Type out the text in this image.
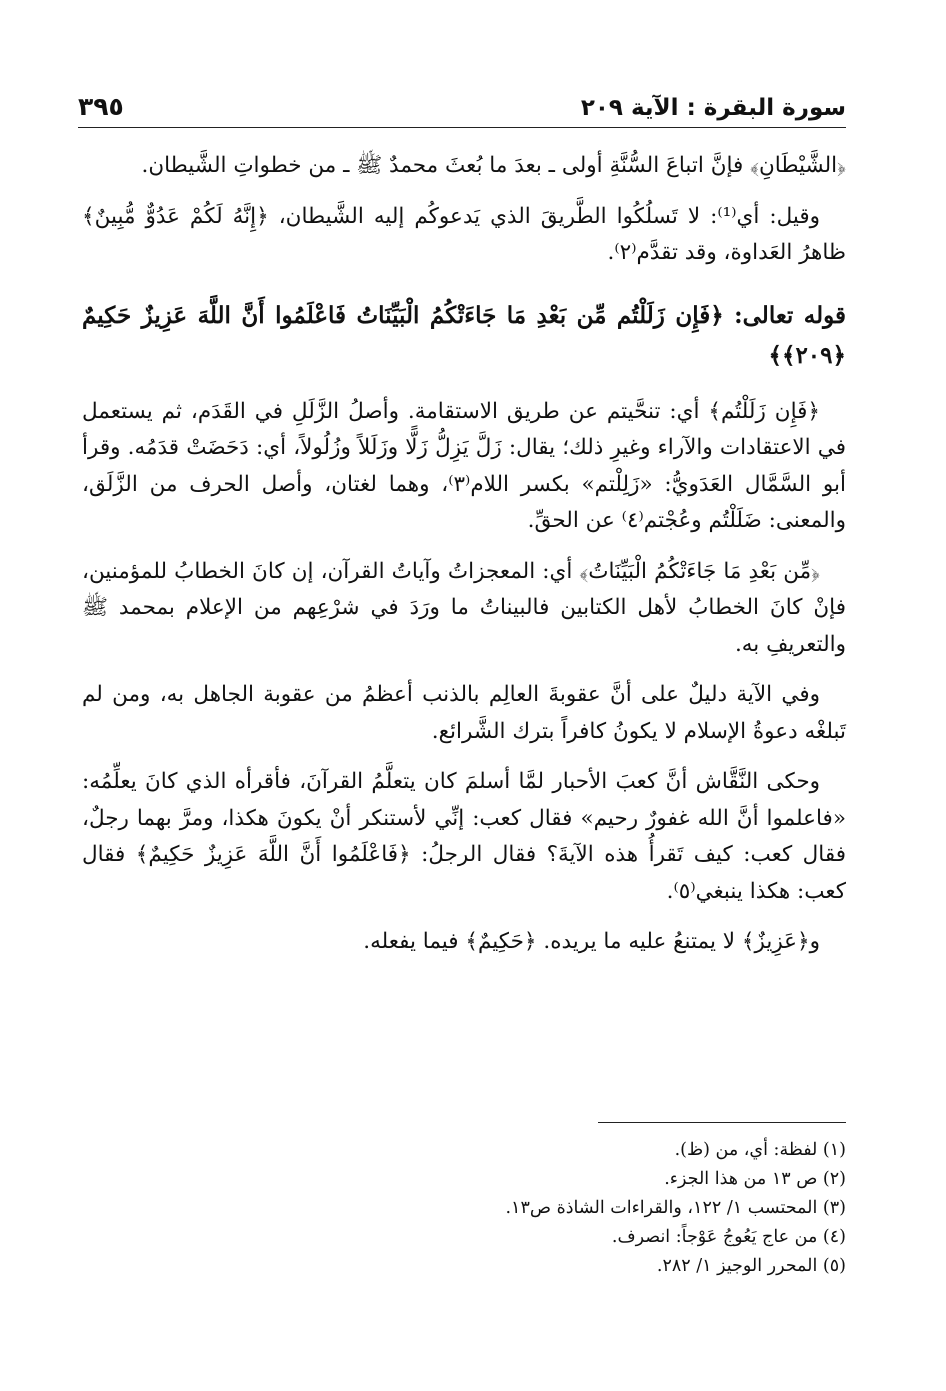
سورة البقرة : الآية ٢٠٩
٣٩٥

﴿الشَّيْطَانِ﴾ فإنَّ اتباعَ السُّنَّةِ أولى ـ بعدَ ما بُعثَ محمدٌ ﷺ ـ من خطواتِ الشَّيطان.

وقيل: أي⁽¹⁾: لا تَسلُكُوا الطَّريقَ الذي يَدعوكُم إليه الشَّيطان، ﴿إِنَّهُ لَكُمْ عَدُوٌّ مُّبِينٌ﴾ ظاهرُ العَداوة، وقد تقدَّم⁽٢⁾.

قوله تعالى: ﴿فَإِن زَلَلْتُم مِّن بَعْدِ مَا جَاءَتْكُمُ الْبَيِّنَاتُ فَاعْلَمُوا أَنَّ اللَّهَ عَزِيزٌ حَكِيمٌ ﴿٢٠٩﴾﴾

﴿فَإِن زَلَلْتُم﴾ أي: تنحَّيتم عن طريق الاستقامة. وأصلُ الزَّلَلِ في القَدَم، ثم يستعمل في الاعتقادات والآراء وغيرِ ذلك؛ يقال: زَلَّ يَزِلُّ زَلًّا وزَلَلاً وزُلُولاً، أي: دَحَضَتْ قدَمُه. وقرأ أبو السَّمَّال العَدَويُّ: «زَلِلْتم» بكسر اللام⁽٣⁾، وهما لغتان، وأصل الحرف من الزَّلَق، والمعنى: ضَلَلْتُم وعُجْتم⁽٤⁾ عن الحقِّ.

﴿مِّن بَعْدِ مَا جَاءَتْكُمُ الْبَيِّنَاتُ﴾ أي: المعجزاتُ وآياتُ القرآن، إن كانَ الخطابُ للمؤمنين، فإنْ كانَ الخطابُ لأهل الكتابين فالبيناتُ ما ورَدَ في شرْعِهم من الإعلام بمحمد ﷺ والتعريفِ به.

وفي الآية دليلٌ على أنَّ عقوبةَ العالِم بالذنب أعظمُ من عقوبة الجاهل به، ومن لم تَبلغْه دعوةُ الإسلام لا يكونُ كافراً بترك الشَّرائع.

وحكى النَّقَّاش أنَّ كعبَ الأحبار لمَّا أسلمَ كان يتعلَّمُ القرآنَ، فأقرأه الذي كانَ يعلِّمُه: «فاعلموا أنَّ الله غفورٌ رحيم» فقال كعب: إنِّي لأستنكر أنْ يكونَ هكذا، ومرَّ بهما رجلٌ، فقال كعب: كيف تَقرأُ هذه الآيةَ؟ فقال الرجلُ: ﴿فَاعْلَمُوا أَنَّ اللَّهَ عَزِيزٌ حَكِيمٌ﴾ فقال كعب: هكذا ينبغي⁽٥⁾.

و﴿عَزِيزٌ﴾ لا يمتنعُ عليه ما يريده. ﴿حَكِيمٌ﴾ فيما يفعله.

(١) لفظة: أي، من (ظ).
(٢) ص ١٣ من هذا الجزء.
(٣) المحتسب ١/ ١٢٢، والقراءات الشاذة ص١٣.
(٤) من عاج يَعُوجُ عَوْجاً: انصرف.
(٥) المحرر الوجيز ١/ ٢٨٢.
